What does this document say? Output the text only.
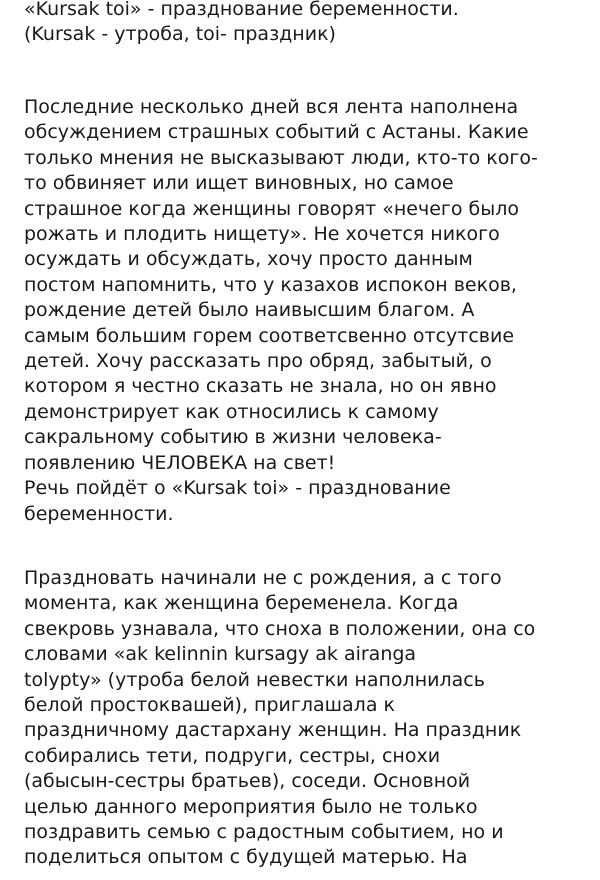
«Kursak toi» - празднование беременности.
(Kursak - утроба, toi- праздник)
Последние несколько дней вся лента наполнена
обсуждением страшных событий с Астаны. Какие
только мнения не высказывают люди, кто-то кого-
то обвиняет или ищет виновных, но самое
страшное когда женщины говорят «нечего было
рожать и плодить нищету». Не хочется никого
осуждать и обсуждать, хочу просто данным
постом напомнить, что у казахов испокон веков,
рождение детей было наивысшим благом. А
самым большим горем соответсвенно отсутсвие
детей. Хочу рассказать про обряд, забытый, о
котором я честно сказать не знала, но он явно
демонстрирует как относились к самому
сакральному событию в жизни человека-
появлению ЧЕЛОВЕКА на свет!
Речь пойдёт о «Kursak toi» - празднование
беременности.
Праздновать начинали не с рождения, а с того
момента, как женщина беременела. Когда
свекровь узнавала, что сноха в положении, она со
словами «ak kelinnin kursagy ak airanga
tolypty» (утроба белой невестки наполнилась
белой простоквашей), приглашала к
праздничному дастархану женщин. На праздник
собирались тети, подруги, сестры, снохи
(абысын-сестры братьев), соседи. Основной
целью данного мероприятия было не только
поздравить семью с радостным событием, но и
поделиться опытом с будущей матерью. На
